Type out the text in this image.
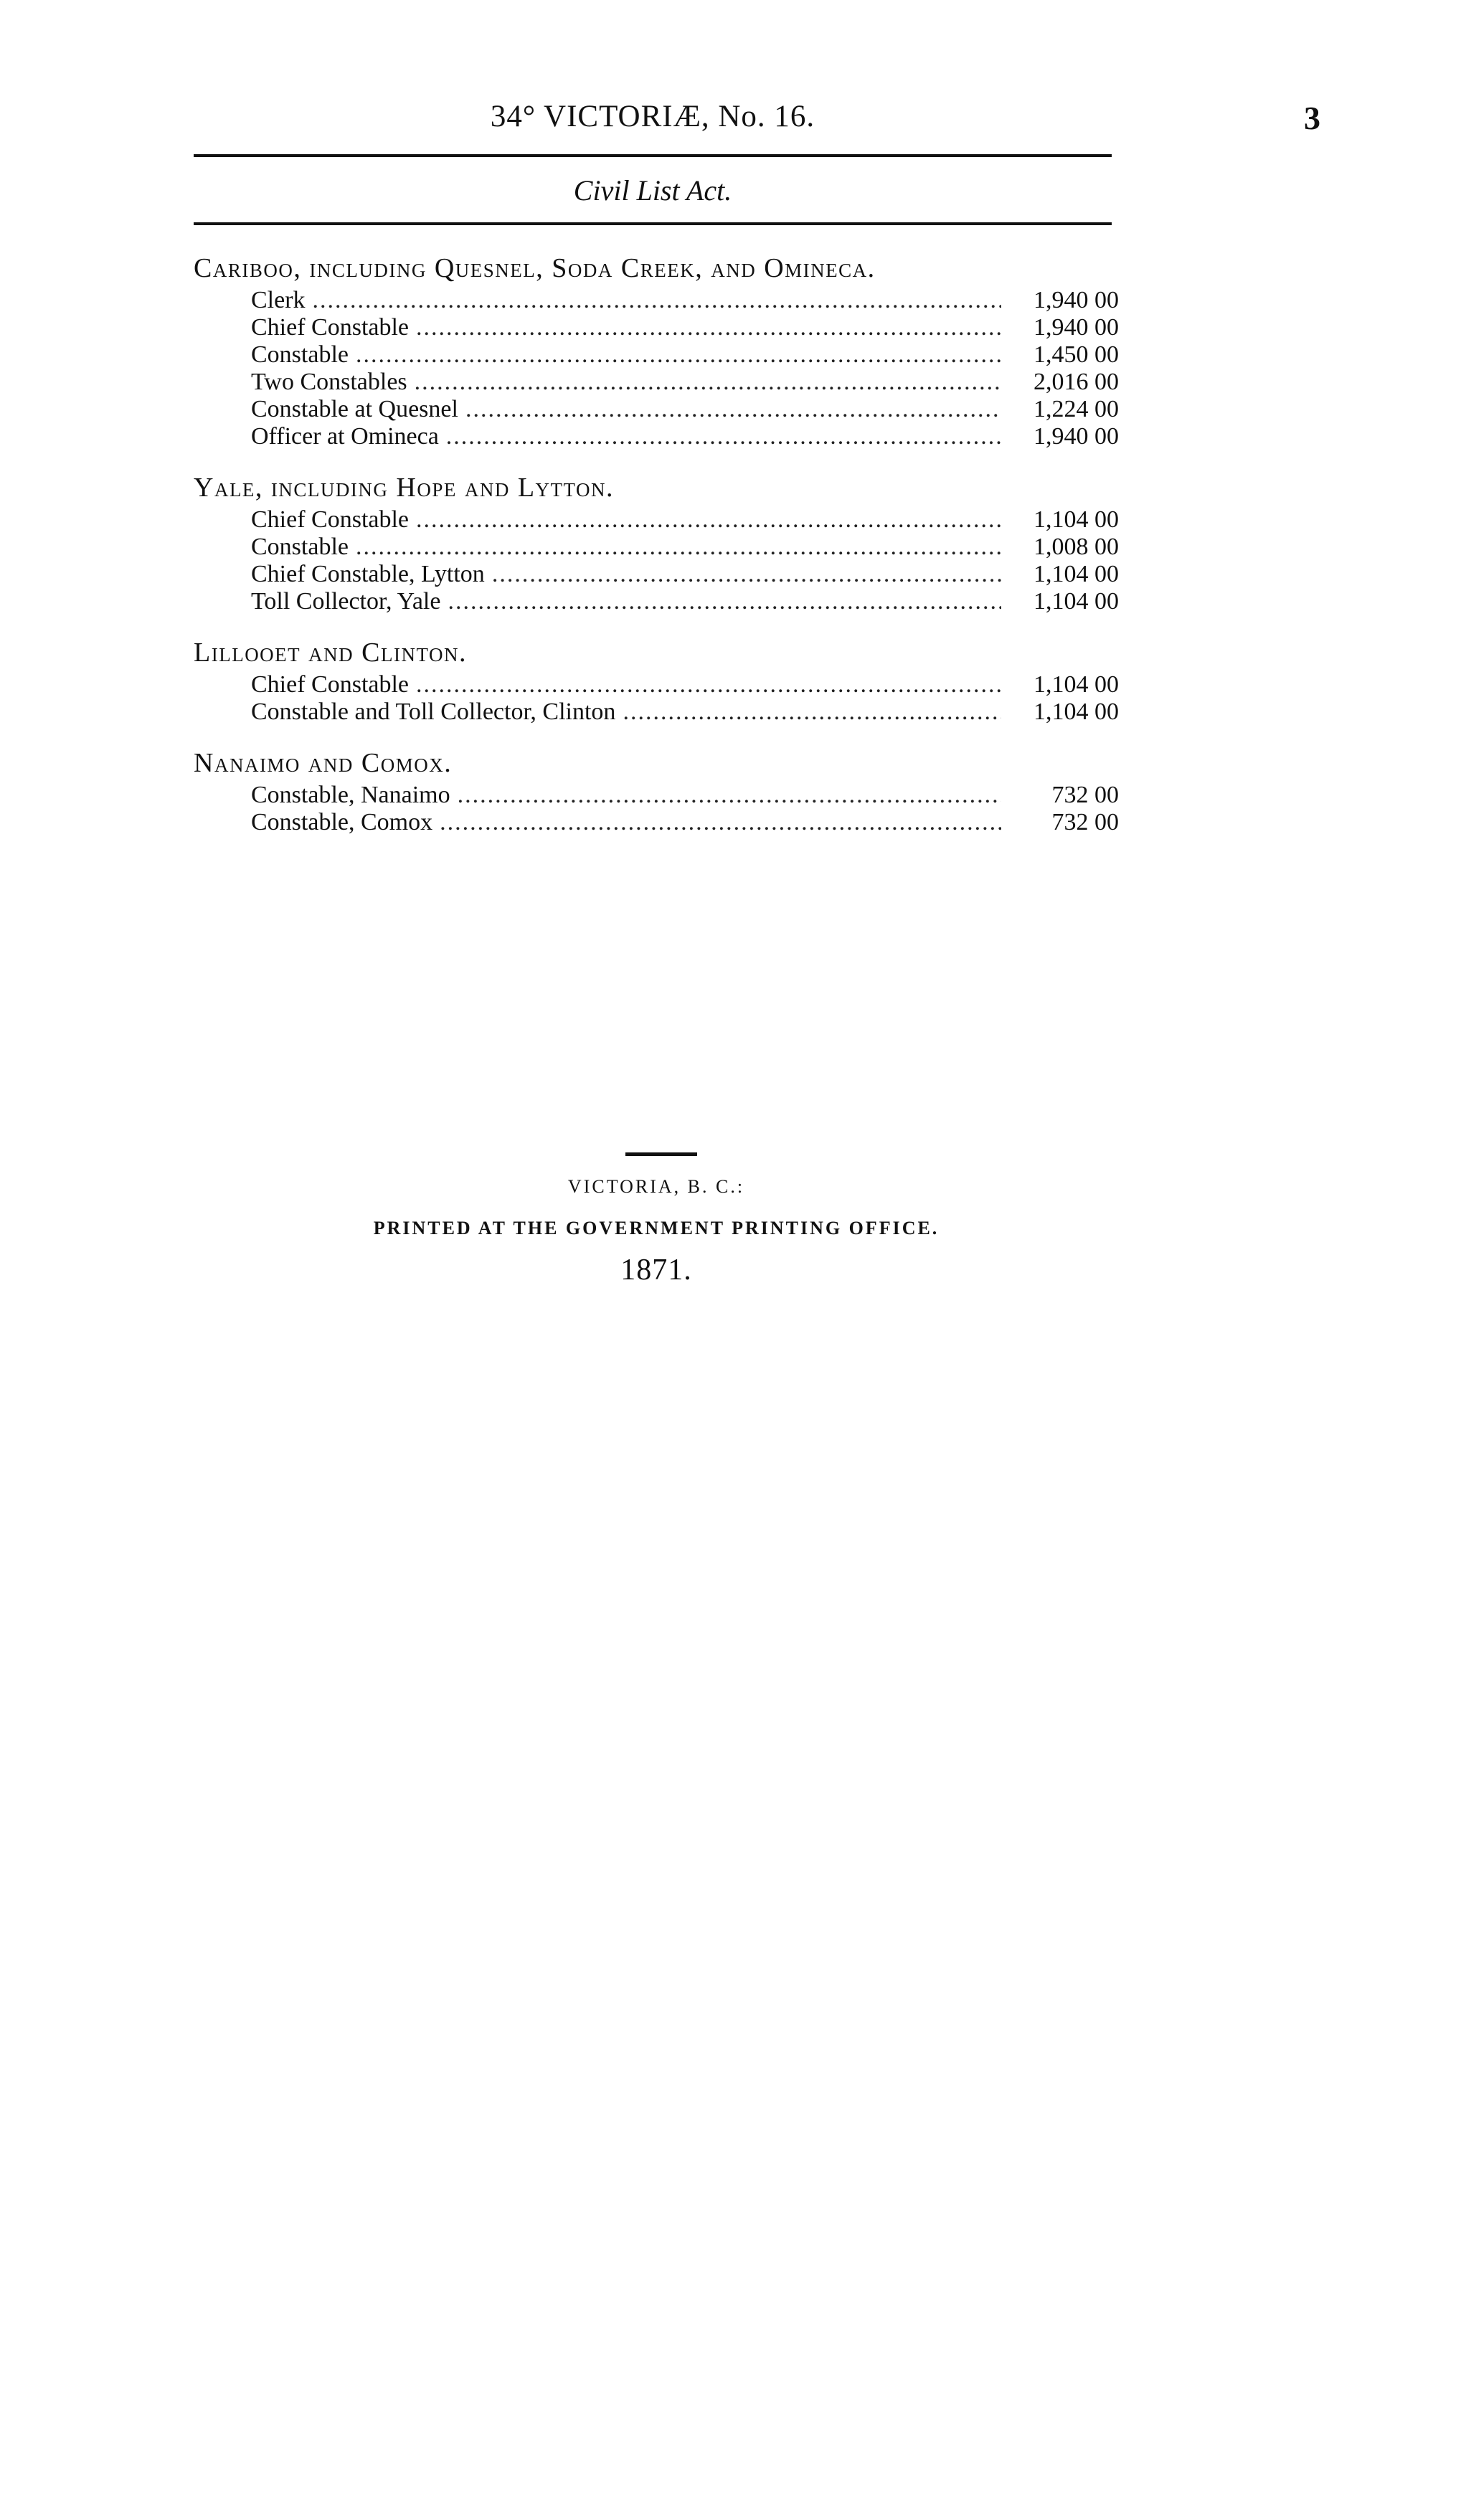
34° VICTORIÆ, No. 16.	3
Civil List Act.
Cariboo, including Quesnel, Soda Creek, and Omineca.
Clerk .....	1,940 00
Chief Constable .....	1,940 00
Constable .....	1,450 00
Two Constables .....	2,016 00
Constable at Quesnel .....	1,224 00
Officer at Omineca .....	1,940 00
Yale, including Hope and Lytton.
Chief Constable .....	1,104 00
Constable .....	1,008 00
Chief Constable, Lytton .....	1,104 00
Toll Collector, Yale .....	1,104 00
Lillooet and Clinton.
Chief Constable .....	1,104 00
Constable and Toll Collector, Clinton .....	1,104 00
Nanaimo and Comox.
Constable, Nanaimo .....	732 00
Constable, Comox .....	732 00
VICTORIA, B. C.:
PRINTED AT THE GOVERNMENT PRINTING OFFICE.
1871.
